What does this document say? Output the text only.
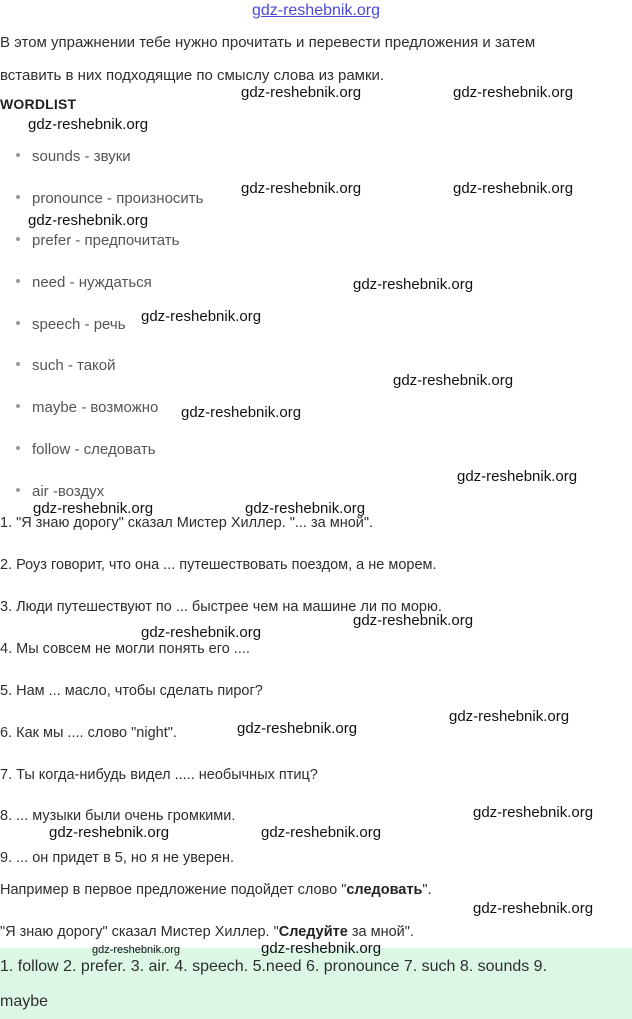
gdz-reshebnik.org
В этом упражнении тебе нужно прочитать и перевести предложения и затем
вставить в них подходящие по смыслу слова из рамки.
WORDLIST
sounds - звуки
pronounce - произносить
prefer - предпочитать
need - нуждаться
speech - речь
such - такой
maybe - возможно
follow - следовать
air -воздух
1. "Я знаю дорогу" сказал Мистер Хиллер. "... за мной".
2. Роуз говорит, что она ... путешествовать поездом, а не морем.
3. Люди путешествуют по ... быстрее чем на машине ли по морю.
4. Мы совсем не могли понять его ....
5. Нам ... масло, чтобы сделать пирог?
6. Как мы .... слово "night".
7. Ты когда-нибудь видел ..... необычных птиц?
8. ... музыки были очень громкими.
9. ... он придет в 5, но я не уверен.
Например в первое предложение подойдет слово "следовать".
"Я знаю дорогу" сказал Мистер Хиллер. "Следуйте за мной".
1. follow 2. prefer. 3. air. 4. speech. 5.need 6. pronounce 7. such 8. sounds 9.
maybe
gdz-reshebnik.org	gdz-reshebnik.org
gdz-reshebnik.org
gdz-reshebnik.org	gdz-reshebnik.org
gdz-reshebnik.org
gdz-reshebnik.org
gdz-reshebnik.org
gdz-reshebnik.org
gdz-reshebnik.org
gdz-reshebnik.org
gdz-reshebnik.org	gdz-reshebnik.org
gdz-reshebnik.org
gdz-reshebnik.org
gdz-reshebnik.org
gdz-reshebnik.org
gdz-reshebnik.org
gdz-reshebnik.org	gdz-reshebnik.org
gdz-reshebnik.org
gdz-reshebnik.org
gdz-reshebnik.org
